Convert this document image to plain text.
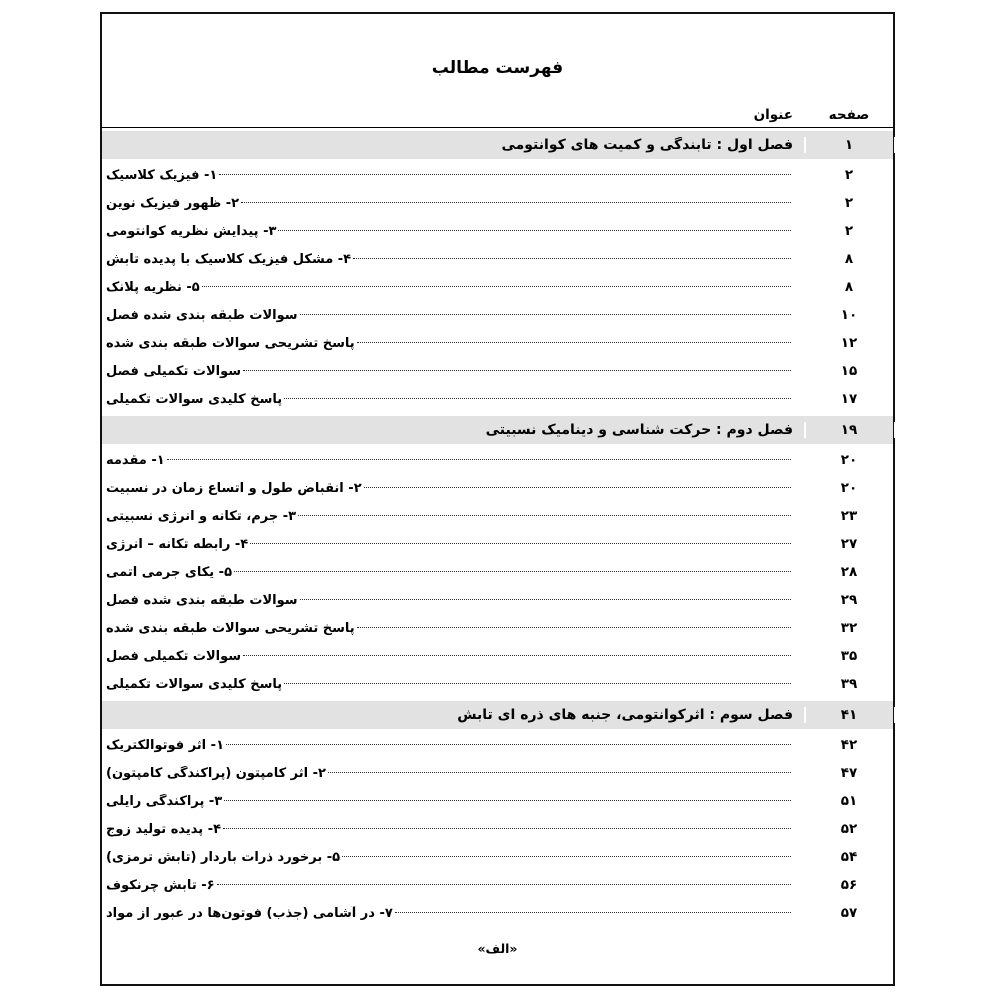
فهرست مطالب
صفحه
عنوان
۱
فصل اول : تابندگی و کمیت های کوانتومی
۲
۱- فیزیک کلاسیک
۲
۲- ظهور فیزیک نوین
۲
۳- پیدایش نظریه کوانتومی
۸
۴- مشکل فیزیک کلاسیک با پدیده تابش
۸
۵- نظریه پلانک
۱۰
سوالات طبقه بندی شده فصل
۱۲
پاسخ تشریحی سوالات طبقه بندی شده
۱۵
سوالات تکمیلی فصل
۱۷
پاسخ کلیدی سوالات تکمیلی
۱۹
فصل دوم : حرکت شناسی و دینامیک نسبیتی
۲۰
۱- مقدمه
۲۰
۲- انقباض طول و اتساع زمان در نسبیت
۲۳
۳- جرم، تکانه و انرژی نسبیتی
۲۷
۴- رابطه تکانه – انرژی
۲۸
۵- یکای جرمی اتمی
۲۹
سوالات طبقه بندی شده فصل
۳۲
پاسخ تشریحی سوالات طبقه بندی شده
۳۵
سوالات تکمیلی فصل
۳۹
پاسخ کلیدی سوالات تکمیلی
۴۱
فصل سوم : اثرکوانتومی، جنبه های ذره ای تابش
۴۲
۱- اثر فوتوالکتریک
۴۷
۲- اثر کامپتون (پراکندگی کامپتون)
۵۱
۳- پراکندگی رایلی
۵۲
۴- پدیده تولید زوج
۵۴
۵- برخورد ذرات باردار (تابش ترمزی)
۵۶
۶- تابش چرنکوف
۵۷
۷- در آشامی (جذب) فوتون‌ها در عبور از مواد
«الف»
